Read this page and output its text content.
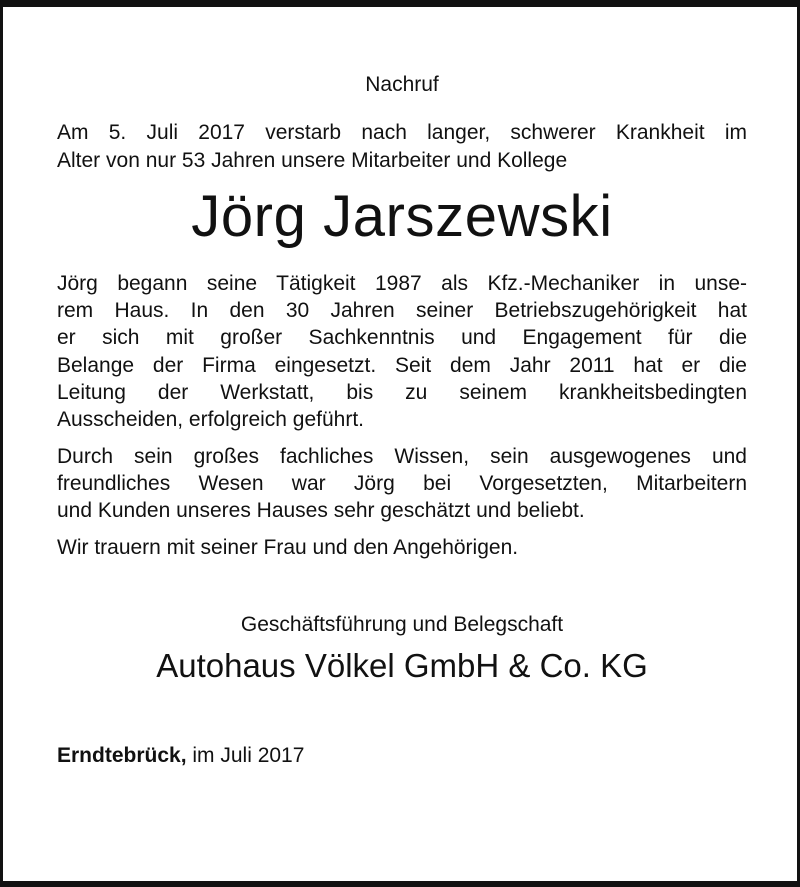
Nachruf

Am 5. Juli 2017 verstarb nach langer, schwerer Krankheit im
Alter von nur 53 Jahren unsere Mitarbeiter und Kollege

Jörg Jarszewski

Jörg begann seine Tätigkeit 1987 als Kfz.-Mechaniker in unse-
rem Haus. In den 30 Jahren seiner Betriebszugehörigkeit hat
er sich mit großer Sachkenntnis und Engagement für die
Belange der Firma eingesetzt. Seit dem Jahr 2011 hat er die
Leitung der Werkstatt, bis zu seinem krankheitsbedingten
Ausscheiden, erfolgreich geführt.

Durch sein großes fachliches Wissen, sein ausgewogenes und
freundliches Wesen war Jörg bei Vorgesetzten, Mitarbeitern
und Kunden unseres Hauses sehr geschätzt und beliebt.

Wir trauern mit seiner Frau und den Angehörigen.

Geschäftsführung und Belegschaft

Autohaus Völkel GmbH & Co. KG

Erndtebrück, im Juli 2017
